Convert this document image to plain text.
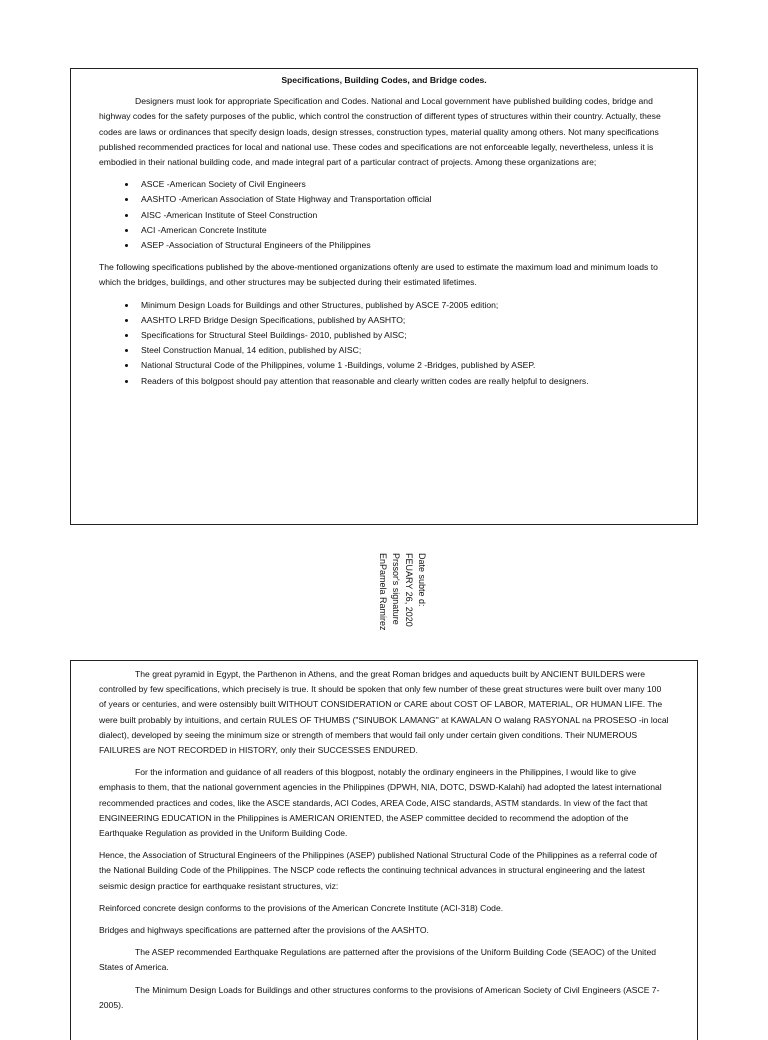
Specifications, Building Codes, and Bridge codes.

Designers must look for appropriate Specification and Codes. National and Local government have published building codes, bridge and highway codes for the safety purposes of the public, which control the construction of different types of structures within their country. Actually, these codes are laws or ordinances that specify design loads, design stresses, construction types, material quality among others. Not many specifications published recommended practices for local and national use. These codes and specifications are not enforceable legally, nevertheless, unless it is embodied in their national building code, and made integral part of a particular contract of projects. Among these organizations are;

• ASCE -American Society of Civil Engineers
• AASHTO -American Association of State Highway and Transportation official
• AISC -American Institute of Steel Construction
• ACI -American Concrete Institute
• ASEP -Association of Structural Engineers of the Philippines

The following specifications published by the above-mentioned organizations oftenly are used to estimate the maximum load and minimum loads to which the bridges, buildings, and other structures may be subjected during their estimated lifetimes.

• Minimum Design Loads for Buildings and other Structures, published by ASCE 7-2005 edition;
• AASHTO LRFD Bridge Design Specifications, published by AASHTO;
• Specifications for Structural Steel Buildings- 2010, published by AISC;
• Steel Construction Manual, 14 edition, published by AISC;
• National Structural Code of the Philippines, volume 1 -Buildings, volume 2 -Bridges, published by ASEP.
• Readers of this bolgpost should pay attention that reasonable and clearly written codes are really helpful to designers.
Date subte d:
FEUARY 26, 2020
Prssor's signature
EnPamela Ramirez

The great pyramid in Egypt, the Parthenon in Athens, and the great Roman bridges and aqueducts built by ANCIENT BUILDERS were controlled by few specifications, which precisely is true. It should be spoken that only few number of these great structures were built over many 100 of years or centuries, and were ostensibly built WITHOUT CONSIDERATION or CARE about COST OF LABOR, MATERIAL, OR HUMAN LIFE. The were built probably by intuitions, and certain RULES OF THUMBS ("SINUBOK LAMANG" at KAWALAN O walang RASYONAL na PROSESO -in local dialect), developed by seeing the minimum size or strength of members that would fail only under certain given conditions. Their NUMEROUS FAILURES are NOT RECORDED in HISTORY, only their SUCCESSES ENDURED.

For the information and guidance of all readers of this blogpost, notably the ordinary engineers in the Philippines, I would like to give emphasis to them, that the national government agencies in the Philippines (DPWH, NIA, DOTC, DSWD-Kalahi) had adopted the latest international recommended practices and codes, like the ASCE standards, ACI Codes, AREA Code, AISC standards, ASTM standards. In view of the fact that ENGINEERING EDUCATION in the Philippines is AMERICAN ORIENTED, the ASEP committee decided to recommend the adoption of the Earthquake Regulation as provided in the Uniform Building Code.

Hence, the Association of Structural Engineers of the Philippines (ASEP) published National Structural Code of the Philippines as a referral code of the National Building Code of the Philippines. The NSCP code reflects the continuing technical advances in structural engineering and the latest seismic design practice for earthquake resistant structures, viz:

Reinforced concrete design conforms to the provisions of the American Concrete Institute (ACI-318) Code.

Bridges and highways specifications are patterned after the provisions of the AASHTO.

The ASEP recommended Earthquake Regulations are patterned after the provisions of the Uniform Building Code (SEAOC) of the United States of America.

The Minimum Design Loads for Buildings and other structures conforms to the provisions of American Society of Civil Engineers (ASCE 7-2005).
